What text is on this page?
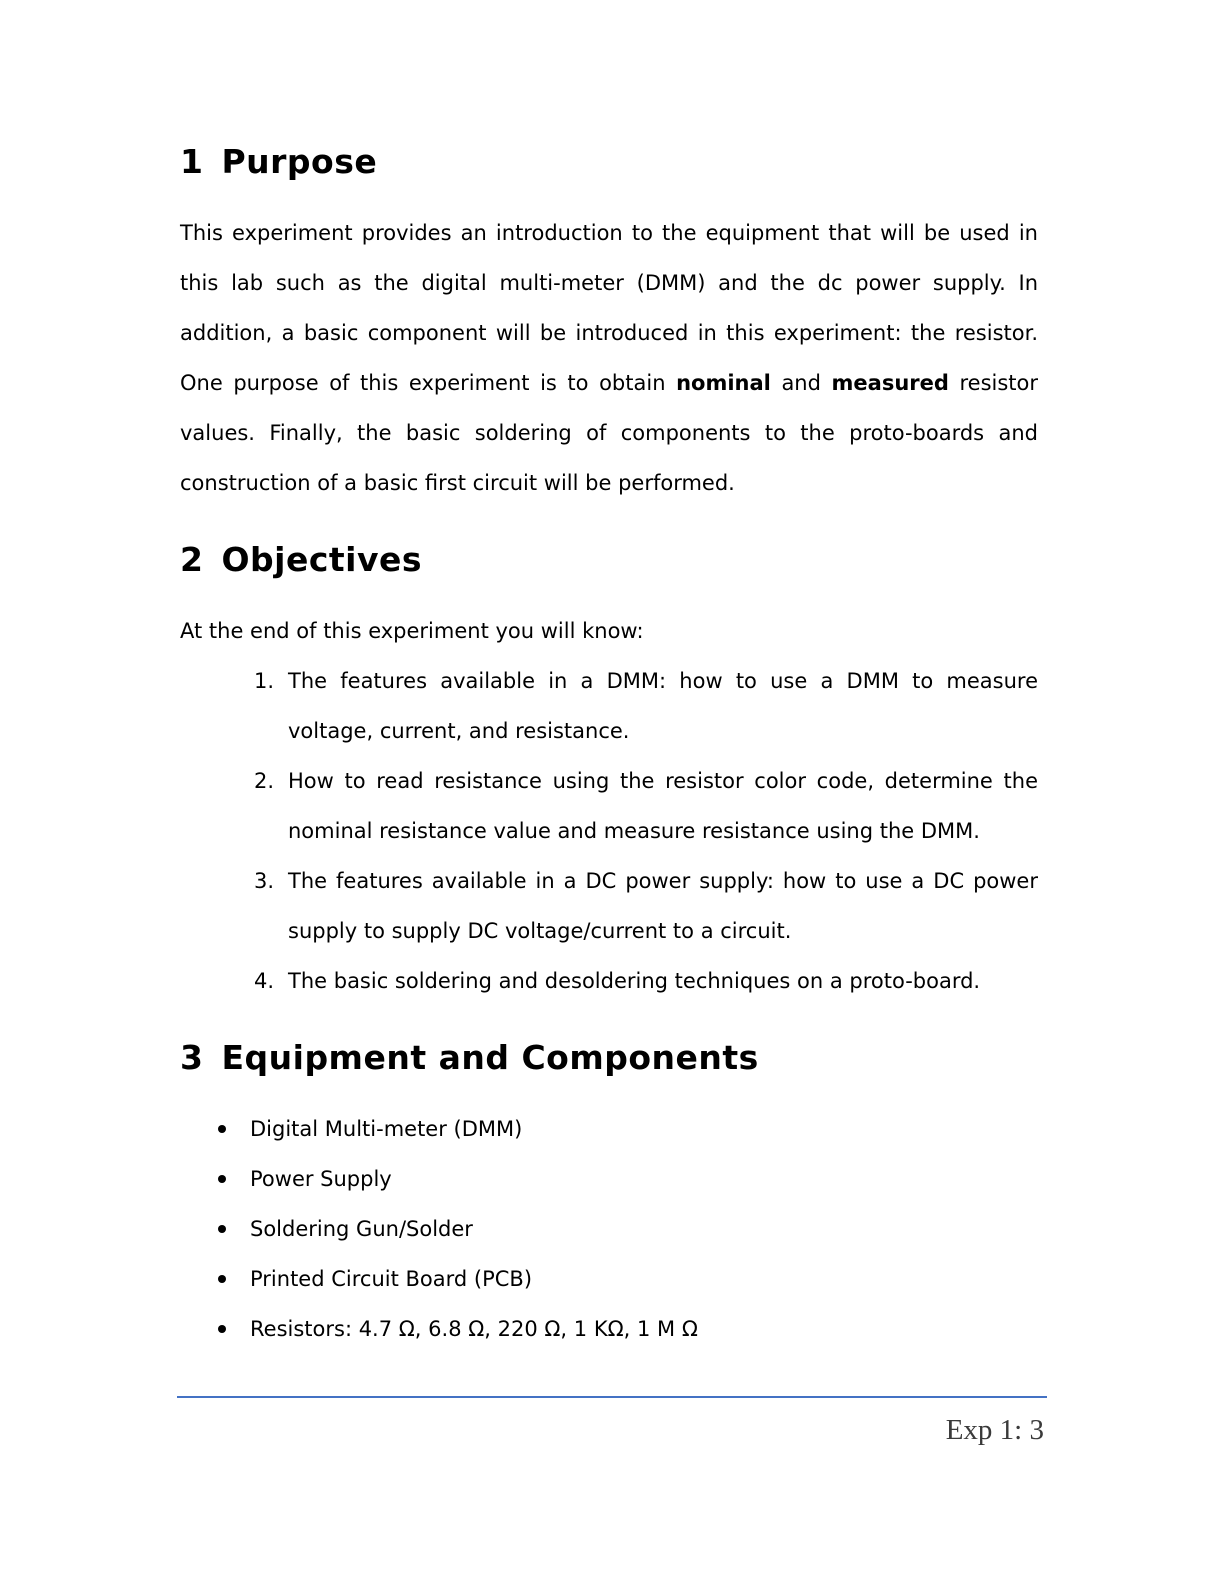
1 Purpose

This experiment provides an introduction to the equipment that will be used in this lab such as the digital multi-meter (DMM) and the dc power supply. In addition, a basic component will be introduced in this experiment: the resistor. One purpose of this experiment is to obtain nominal and measured resistor values. Finally, the basic soldering of components to the proto-boards and construction of a basic first circuit will be performed.

2 Objectives

At the end of this experiment you will know:

1. The features available in a DMM: how to use a DMM to measure voltage, current, and resistance.
2. How to read resistance using the resistor color code, determine the nominal resistance value and measure resistance using the DMM.
3. The features available in a DC power supply: how to use a DC power supply to supply DC voltage/current to a circuit.
4. The basic soldering and desoldering techniques on a proto-board.
3 Equipment and Components
Digital Multi-meter (DMM)
Power Supply
Soldering Gun/Solder
Printed Circuit Board (PCB)
Resistors: 4.7 Ω, 6.8 Ω, 220 Ω, 1 KΩ, 1 M Ω
Exp 1: 3
